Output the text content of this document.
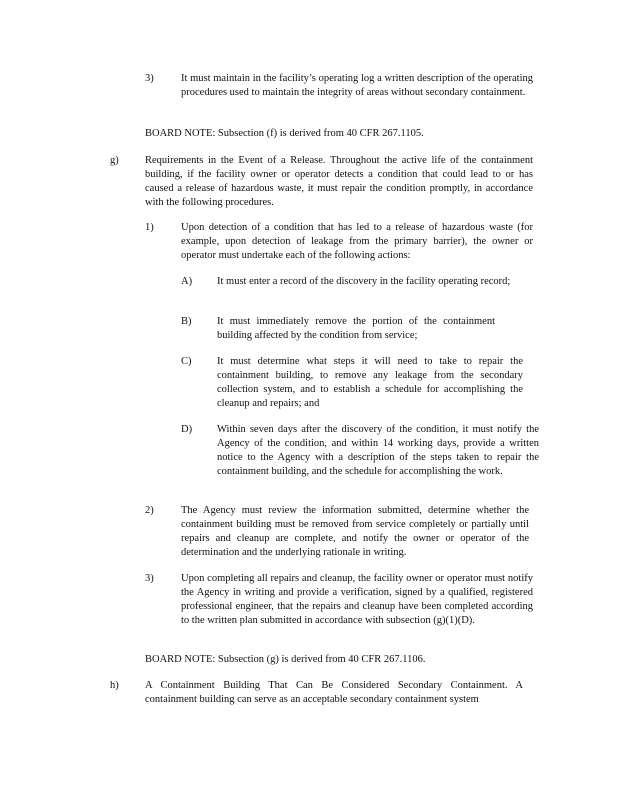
3)	It must maintain in the facility’s operating log a written description of the operating procedures used to maintain the integrity of areas without secondary containment.
BOARD NOTE: Subsection (f) is derived from 40 CFR 267.1105.
g)	Requirements in the Event of a Release. Throughout the active life of the containment building, if the facility owner or operator detects a condition that could lead to or has caused a release of hazardous waste, it must repair the condition promptly, in accordance with the following procedures.
1)	Upon detection of a condition that has led to a release of hazardous waste (for example, upon detection of leakage from the primary barrier), the owner or operator must undertake each of the following actions:
A) It must enter a record of the discovery in the facility operating record;
B) It must immediately remove the portion of the containment building affected by the condition from service;
C) It must determine what steps it will need to take to repair the containment building, to remove any leakage from the secondary collection system, and to establish a schedule for accomplishing the cleanup and repairs; and
D) Within seven days after the discovery of the condition, it must notify the Agency of the condition, and within 14 working days, provide a written notice to the Agency with a description of the steps taken to repair the containment building, and the schedule for accomplishing the work.
2)	The Agency must review the information submitted, determine whether the containment building must be removed from service completely or partially until repairs and cleanup are complete, and notify the owner or operator of the determination and the underlying rationale in writing.
3)	Upon completing all repairs and cleanup, the facility owner or operator must notify the Agency in writing and provide a verification, signed by a qualified, registered professional engineer, that the repairs and cleanup have been completed according to the written plan submitted in accordance with subsection (g)(1)(D).
BOARD NOTE: Subsection (g) is derived from 40 CFR 267.1106.
h)	A Containment Building That Can Be Considered Secondary Containment. A containment building can serve as an acceptable secondary containment system
